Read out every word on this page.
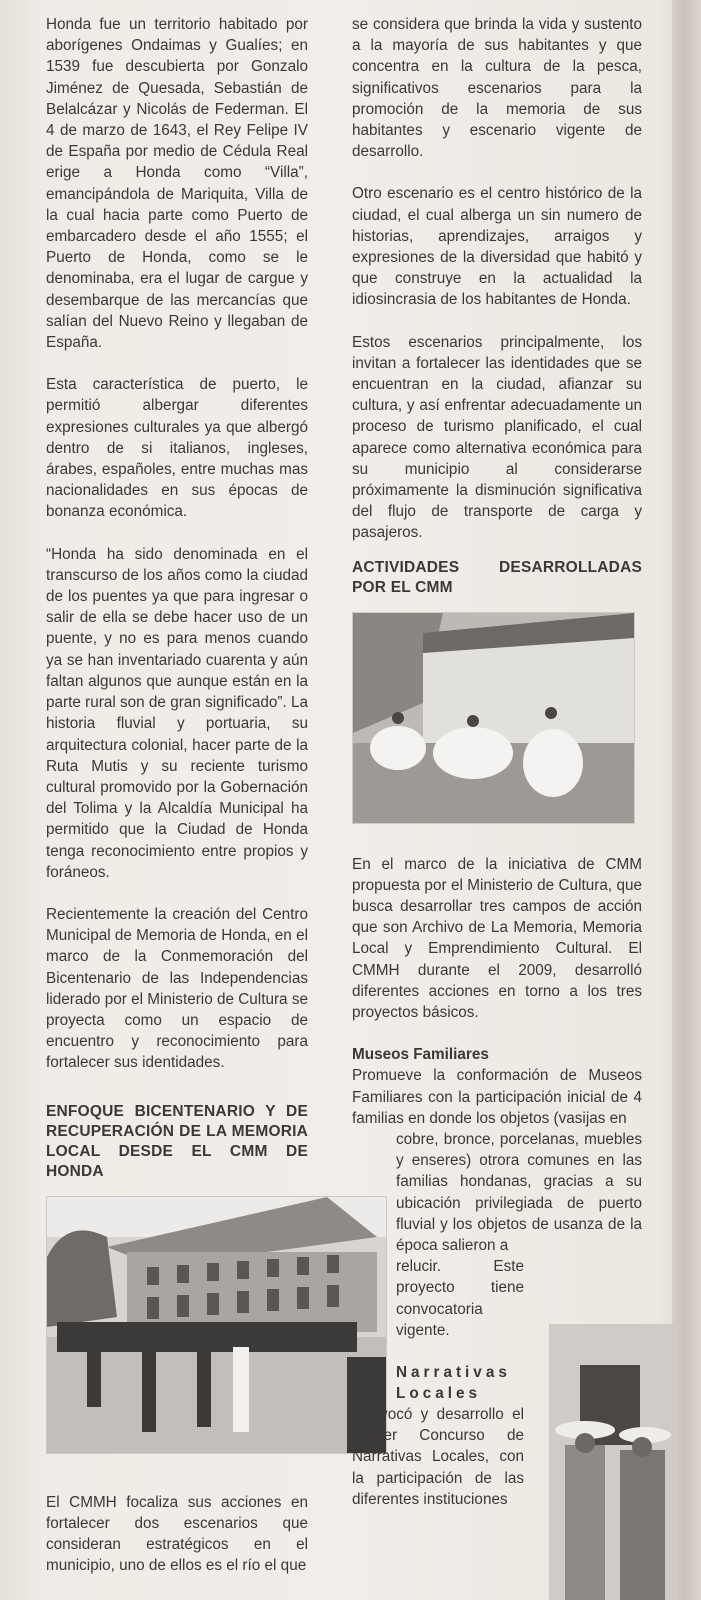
Honda fue un territorio habitado por aborígenes Ondaimas y Gualíes; en 1539 fue descubierta por Gonzalo Jiménez de Quesada, Sebastián de Belalcázar y Nicolás de Federman. El 4 de marzo de 1643, el Rey Felipe IV de España por medio de Cédula Real erige a Honda como “Villa”, emancipándola de Mariquita, Villa de la cual hacia parte como Puerto de embarcadero desde el año 1555; el Puerto de Honda, como se le denominaba, era el lugar de cargue y desembarque de las mercancías que salían del Nuevo Reino y llegaban de España.

Esta característica de puerto, le permitió albergar diferentes expresiones culturales ya que albergó dentro de si italianos, ingleses, árabes, españoles, entre muchas mas nacionalidades en sus épocas de bonanza económica.

“Honda ha sido denominada en el transcurso de los años como la ciudad de los puentes ya que para ingresar o salir de ella se debe hacer uso de un puente, y no es para menos cuando ya se han inventariado cuarenta y aún faltan algunos que aunque están en la parte rural son de gran significado”. La historia fluvial y portuaria, su arquitectura colonial, hacer parte de la Ruta Mutis y su reciente turismo cultural promovido por la Gobernación del Tolima y la Alcaldía Municipal ha permitido que la Ciudad de Honda tenga reconocimiento entre propios y foráneos.

Recientemente la creación del Centro Municipal de Memoria de Honda, en el marco de la Conmemoración del Bicentenario de las Independencias liderado por el Ministerio de Cultura se proyecta como un espacio de encuentro y reconocimiento para fortalecer sus identidades.

ENFOQUE BICENTENARIO Y DE RECUPERACIÓN DE LA MEMORIA LOCAL DESDE EL CMM DE HONDA

El CMMH focaliza sus acciones en fortalecer dos escenarios que consideran estratégicos en el municipio, uno de ellos es el río el que

se considera que brinda la vida y sustento a la mayoría de sus habitantes y que concentra en la cultura de la pesca, significativos escenarios para la promoción de la memoria de sus habitantes y escenario vigente de desarrollo.

Otro escenario es el centro histórico de la ciudad, el cual alberga un sin numero de historias, aprendizajes, arraigos y expresiones de la diversidad que habitó y que construye en la actualidad la idiosincrasia de los habitantes de Honda.

Estos escenarios principalmente, los invitan a fortalecer las identidades que se encuentran en la ciudad, afianzar su cultura, y así enfrentar adecuadamente un proceso de turismo planificado, el cual aparece como alternativa económica para su municipio al considerarse próximamente la disminución significativa del flujo de transporte de carga y pasajeros.

ACTIVIDADES DESARROLLADAS POR EL CMM

En el marco de la iniciativa de CMM propuesta por el Ministerio de Cultura, que busca desarrollar tres campos de acción que son Archivo de La Memoria, Memoria Local y Emprendimiento Cultural. El CMMH durante el 2009, desarrolló diferentes acciones en torno a los tres proyectos básicos.

Museos Familiares

Promueve la conformación de Museos Familiares con la participación inicial de 4 familias en donde los objetos (vasijas en

cobre, bronce, porcelanas, muebles y enseres) otrora comunes en las familias hondanas, gracias a su ubicación privilegiada de puerto fluvial y los objetos de usanza de la época salieron a

relucir. Este proyecto tiene convocatoria vigente.

Narrativas Locales

Convocó y desarrollo el Primer Concurso de Narrativas Locales, con la participación de las diferentes instituciones
